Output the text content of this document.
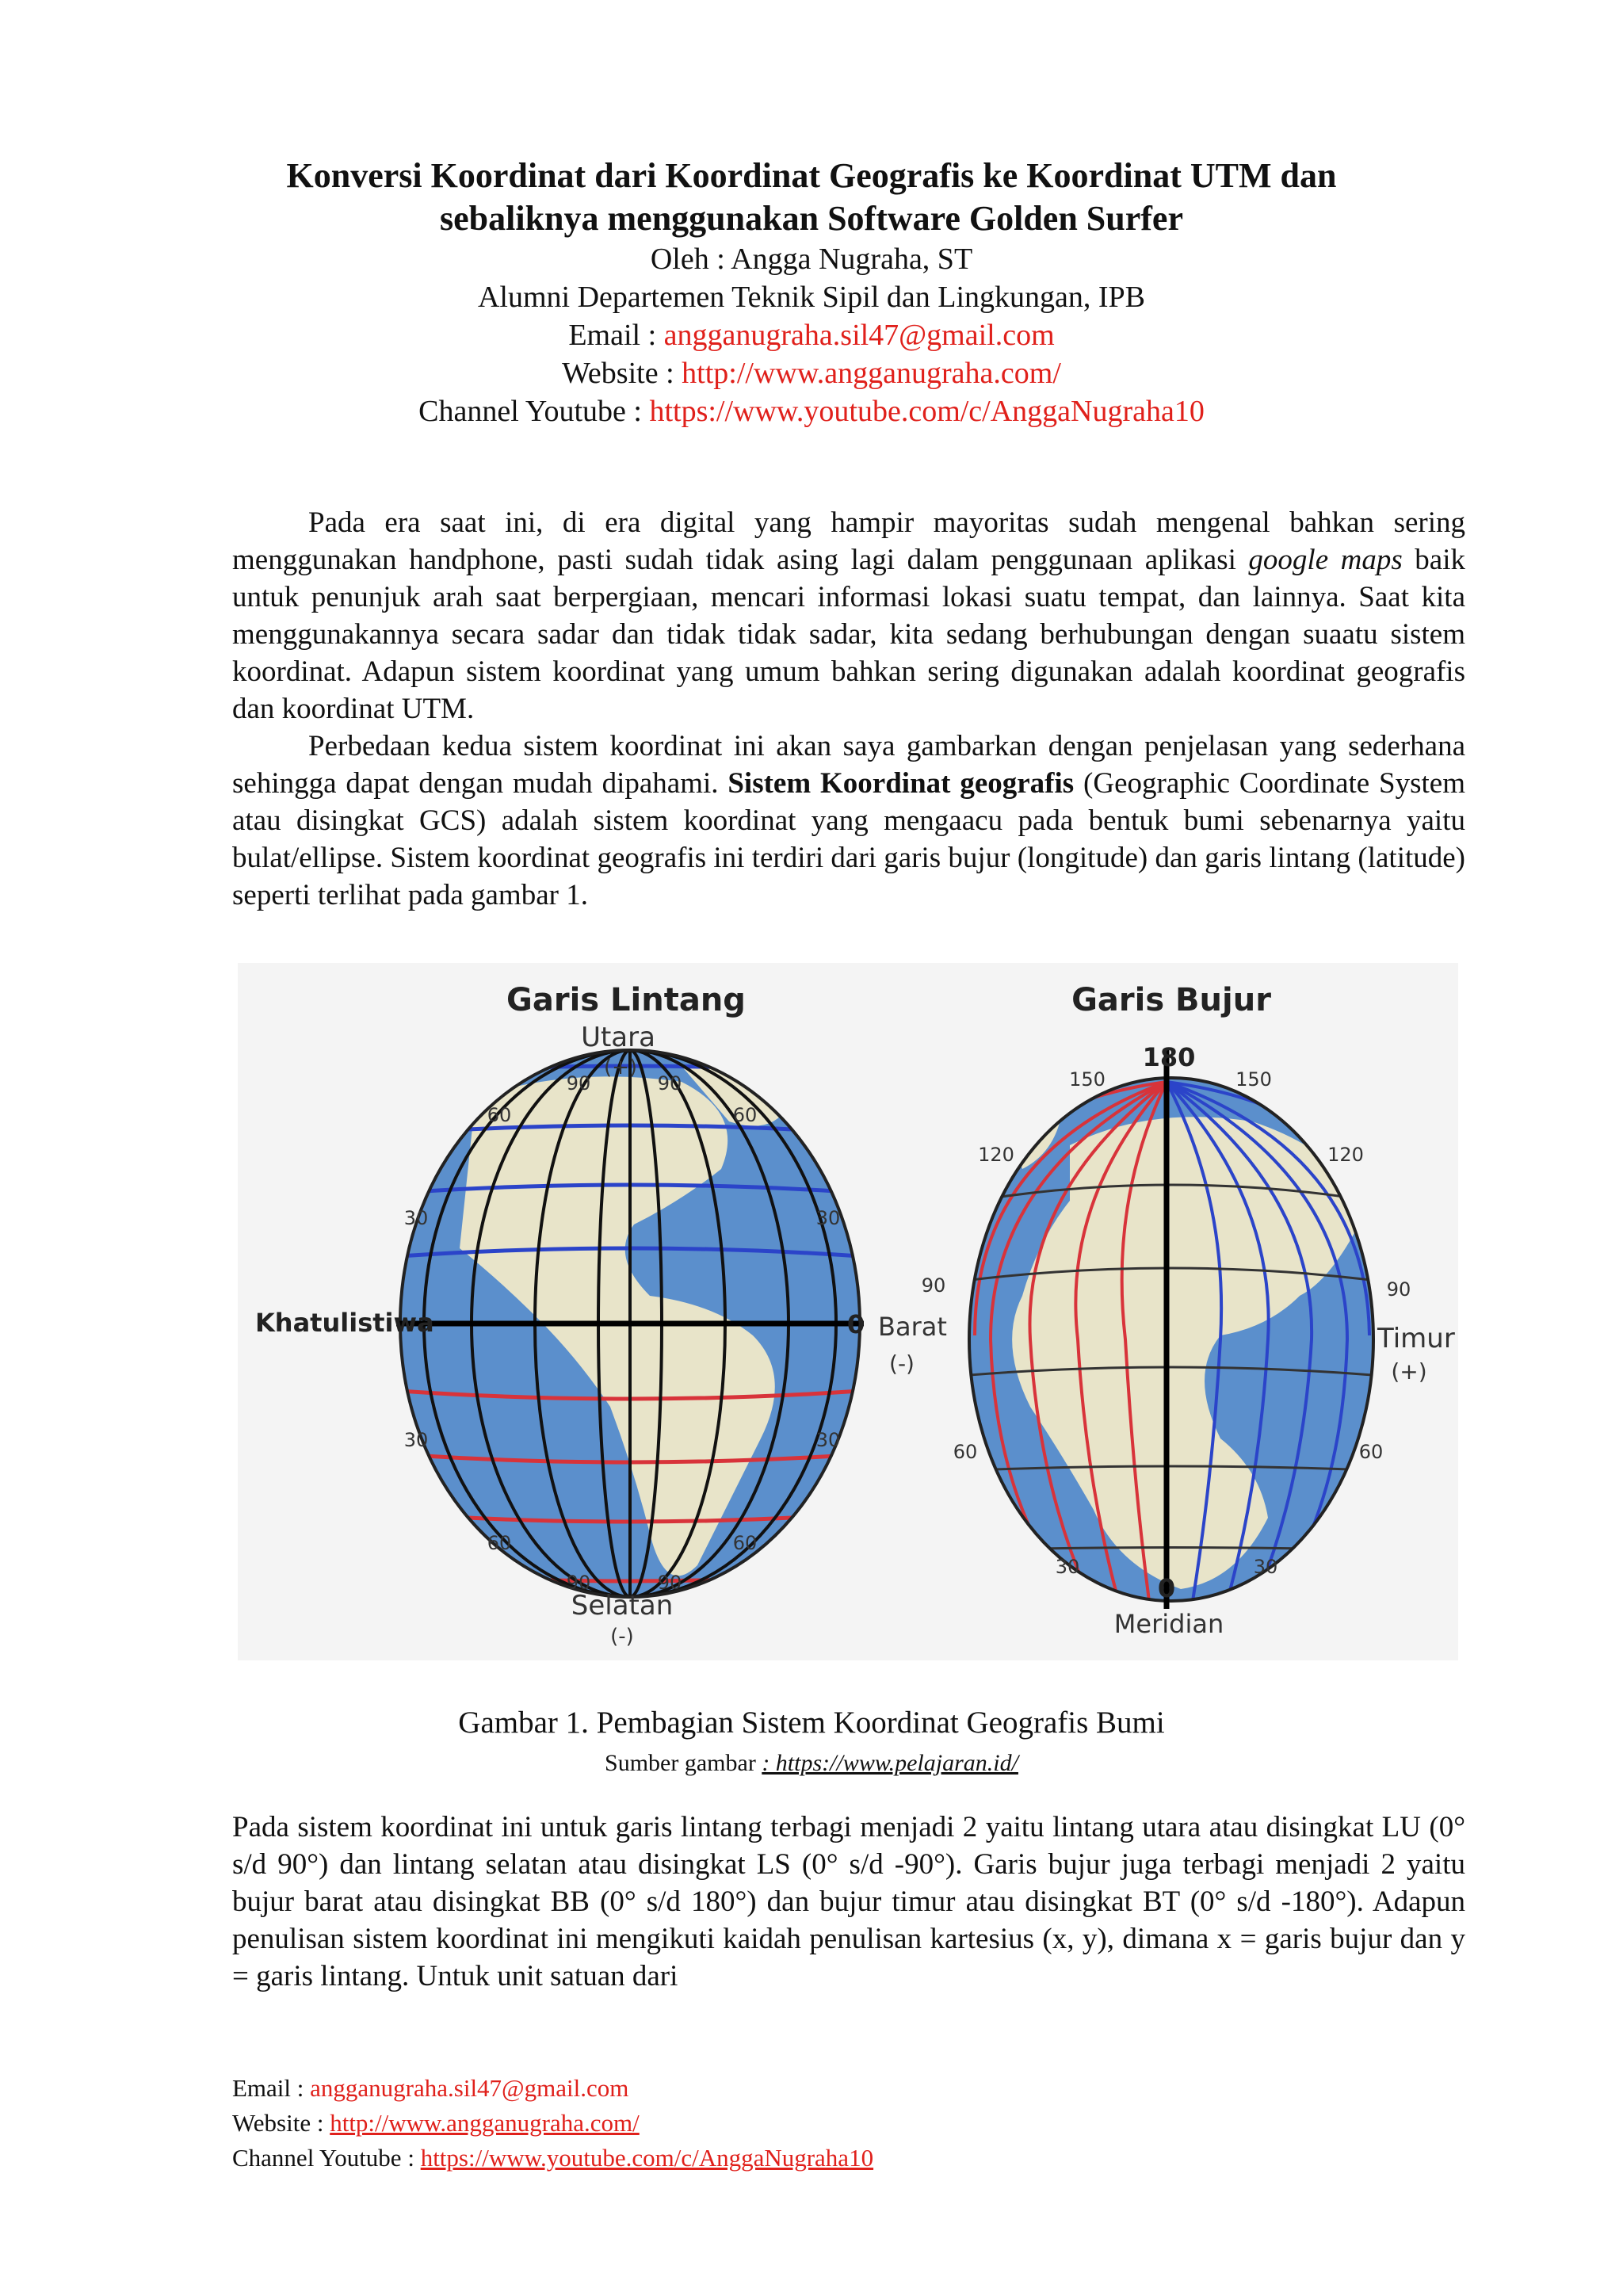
Konversi Koordinat dari Koordinat Geografis ke Koordinat UTM dan

sebaliknya menggunakan Software Golden Surfer

Oleh : Angga Nugraha, ST
Alumni Departemen Teknik Sipil dan Lingkungan, IPB
Email : angganugraha.sil47@gmail.com
Website : http://www.angganugraha.com/
Channel Youtube : https://www.youtube.com/c/AnggaNugraha10

Pada era saat ini, di era digital yang hampir mayoritas sudah mengenal bahkan sering menggunakan handphone, pasti sudah tidak asing lagi dalam penggunaan aplikasi google maps baik untuk penunjuk arah saat berpergiaan, mencari informasi lokasi suatu tempat, dan lainnya. Saat kita menggunakannya secara sadar dan tidak tidak sadar, kita sedang berhubungan dengan suaatu sistem koordinat. Adapun sistem koordinat yang umum bahkan sering digunakan adalah koordinat geografis dan koordinat UTM.

Perbedaan kedua sistem koordinat ini akan saya gambarkan dengan penjelasan yang sederhana sehingga dapat dengan mudah dipahami. Sistem Koordinat geografis (Geographic Coordinate System atau disingkat GCS) adalah sistem koordinat yang mengaacu pada bentuk bumi sebenarnya yaitu bulat/ellipse. Sistem koordinat geografis ini terdiri dari garis bujur (longitude) dan garis lintang (latitude) seperti terlihat pada gambar 1.

Garis Lintang
Utara
(+)
90	90
60	60
30	30
Khatulistiwa	0
30	30
60	60
90	90
Selatan
(-)
Garis Bujur
180
150	150
120	120
90	90
Barat
(-)
Timur
(+)
60	60
30	30
0
Meridian
Gambar 1. Pembagian Sistem Koordinat Geografis Bumi
Sumber gambar : https://www.pelajaran.id/

Pada sistem koordinat ini untuk garis lintang terbagi menjadi 2 yaitu lintang utara atau disingkat LU (0° s/d 90°) dan lintang selatan atau disingkat LS (0° s/d -90°). Garis bujur juga terbagi menjadi 2 yaitu bujur barat atau disingkat BB (0° s/d 180°) dan bujur timur atau disingkat BT (0° s/d -180°). Adapun penulisan sistem koordinat ini mengikuti kaidah penulisan kartesius (x, y), dimana x = garis bujur dan y = garis lintang. Untuk unit satuan dari

Email : angganugraha.sil47@gmail.com
Website : http://www.angganugraha.com/
Channel Youtube : https://www.youtube.com/c/AnggaNugraha10
